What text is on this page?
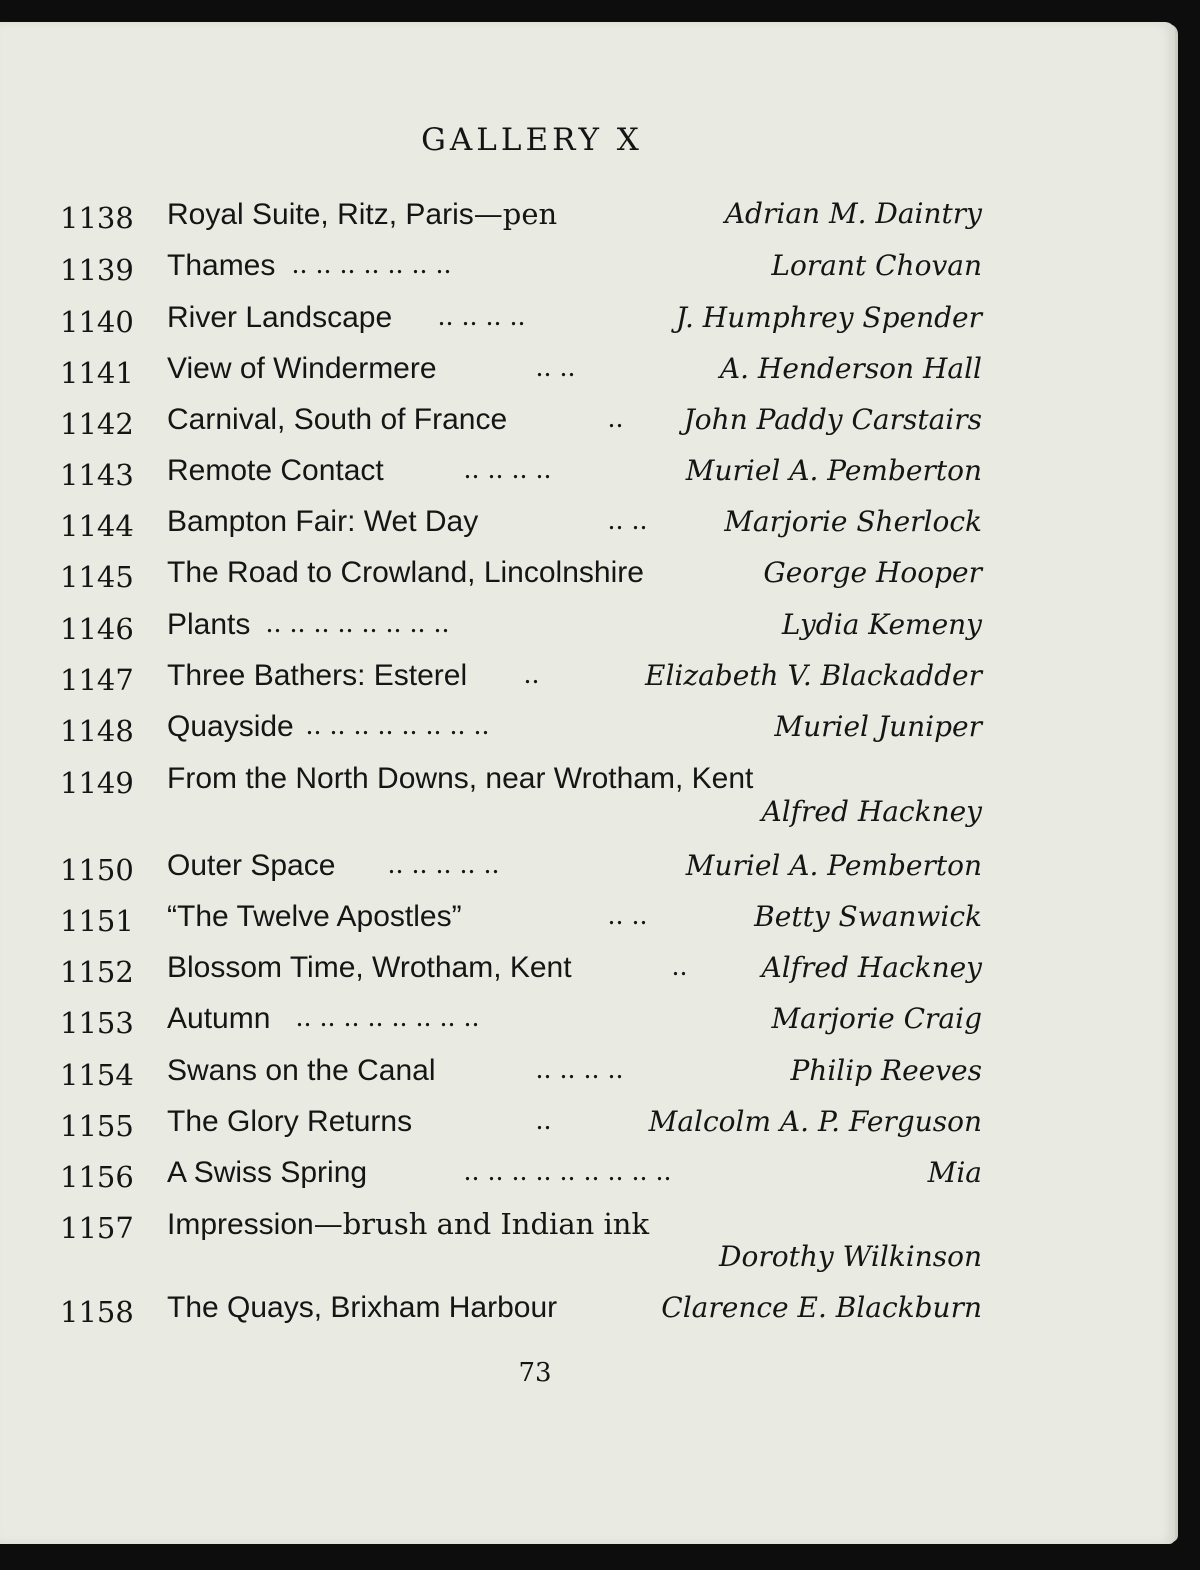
GALLERY X
1138 Royal Suite, Ritz, Paris—pen	Adrian M. Daintry
1139 Thames .. .. .. .. .. .. ..	Lorant Chovan
1140 River Landscape .. .. .. ..	J. Humphrey Spender
1141 View of Windermere	.. ..	A. Henderson Hall
1142 Carnival, South of France	.. John Paddy Carstairs
1143 Remote Contact	.. .. .. ..	Muriel A. Pemberton
1144 Bampton Fair: Wet Day	.. ..	Marjorie Sherlock
1145 The Road to Crowland, Lincolnshire	George Hooper
1146 Plants .. .. .. .. .. .. .. ..	Lydia Kemeny
1147 Three Bathers: Esterel ..	Elizabeth V. Blackadder
1148 Quayside .. .. .. .. .. .. .. ..	Muriel Juniper
1149 From the North Downs, near Wrotham, Kent
Alfred Hackney
1150 Outer Space .. .. .. .. ..	Muriel A. Pemberton
1151 “The Twelve Apostles”	.. ..	Betty Swanwick
1152 Blossom Time, Wrotham, Kent	..	Alfred Hackney
1153 Autumn .. .. .. .. .. .. .. ..	Marjorie Craig
1154 Swans on the Canal	.. .. .. ..	Philip Reeves
1155 The Glory Returns	..	Malcolm A. P. Ferguson
1156 A Swiss Spring	.. .. .. .. .. .. .. .. ..	Mia
1157 Impression—brush and Indian ink
Dorothy Wilkinson
1158 The Quays, Brixham Harbour	Clarence E. Blackburn
73
